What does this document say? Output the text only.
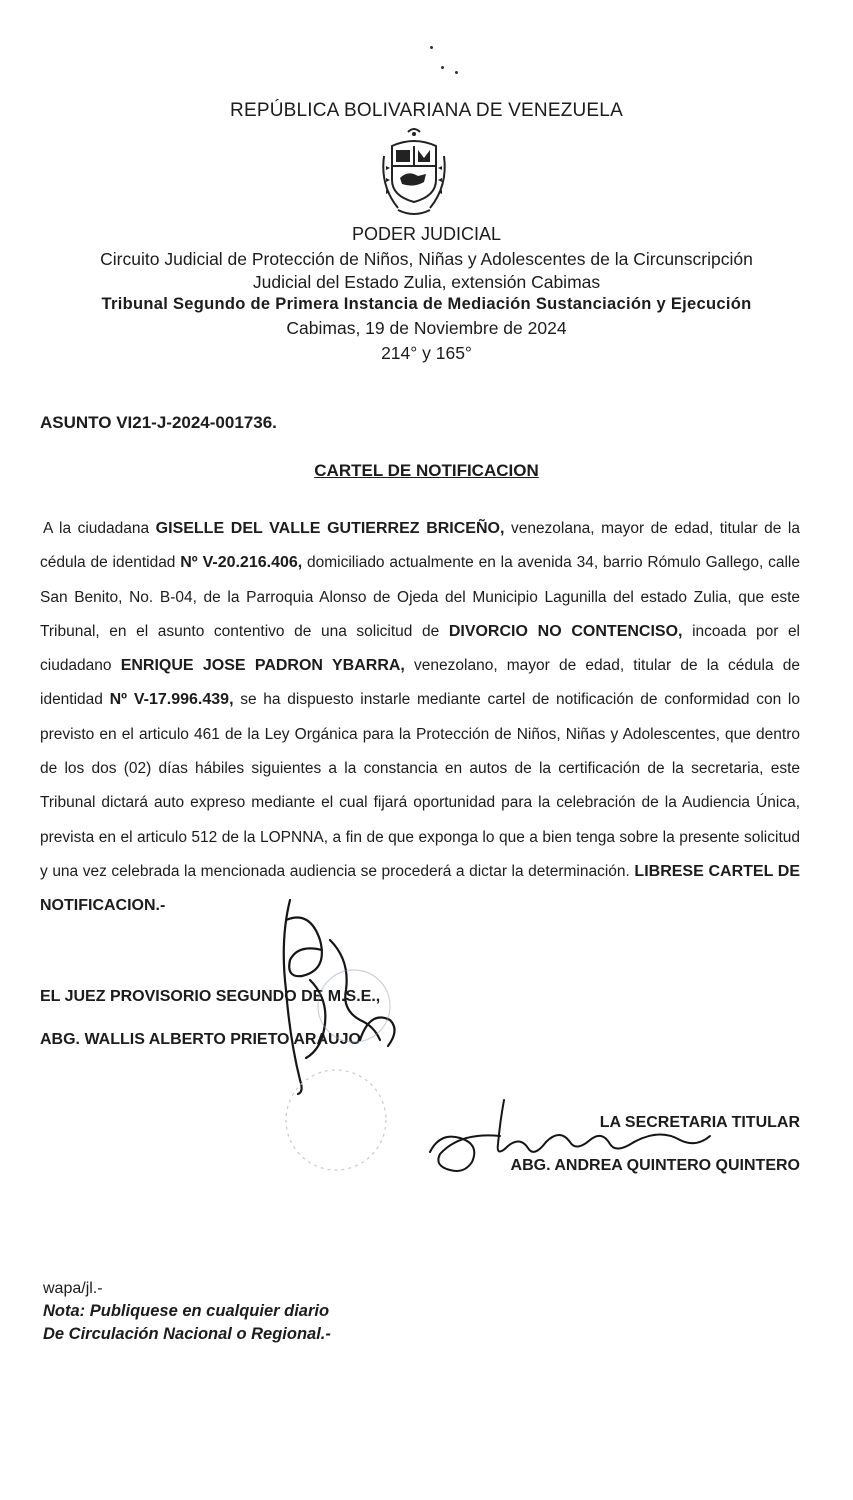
REPÚBLICA BOLIVARIANA DE VENEZUELA
PODER JUDICIAL
Circuito Judicial de Protección de Niños, Niñas y Adolescentes de la Circunscripción
Judicial del Estado Zulia, extensión Cabimas
Tribunal Segundo de Primera Instancia de Mediación Sustanciación y Ejecución
Cabimas, 19 de Noviembre de 2024
214° y 165°
ASUNTO VI21-J-2024-001736.
CARTEL DE NOTIFICACION
A la ciudadana GISELLE DEL VALLE GUTIERREZ BRICEÑO, venezolana, mayor de edad, titular de la cédula de identidad Nº V-20.216.406, domiciliado actualmente en la avenida 34, barrio Rómulo Gallego, calle San Benito, No. B-04, de la Parroquia Alonso de Ojeda del Municipio Lagunilla del estado Zulia, que este Tribunal, en el asunto contentivo de una solicitud de DIVORCIO NO CONTENCISO, incoada por el ciudadano ENRIQUE JOSE PADRON YBARRA, venezolano, mayor de edad, titular de la cédula de identidad Nº V-17.996.439, se ha dispuesto instarle mediante cartel de notificación de conformidad con lo previsto en el articulo 461 de la Ley Orgánica para la Protección de Niños, Niñas y Adolescentes, que dentro de los dos (02) días hábiles siguientes a la constancia en autos de la certificación de la secretaria, este Tribunal dictará auto expreso mediante el cual fijará oportunidad para la celebración de la Audiencia Única, prevista en el articulo 512 de la LOPNNA, a fin de que exponga lo que a bien tenga sobre la presente solicitud y una vez celebrada la mencionada audiencia se procederá a dictar la determinación. LIBRESE CARTEL DE NOTIFICACION.-
EL JUEZ PROVISORIO SEGUNDO DE M.S.E.,
ABG. WALLIS ALBERTO PRIETO ARAUJO
LA SECRETARIA TITULAR
ABG. ANDREA QUINTERO QUINTERO
wapa/jl.-
Nota: Publiquese en cualquier diario
De Circulación Nacional o Regional.-
